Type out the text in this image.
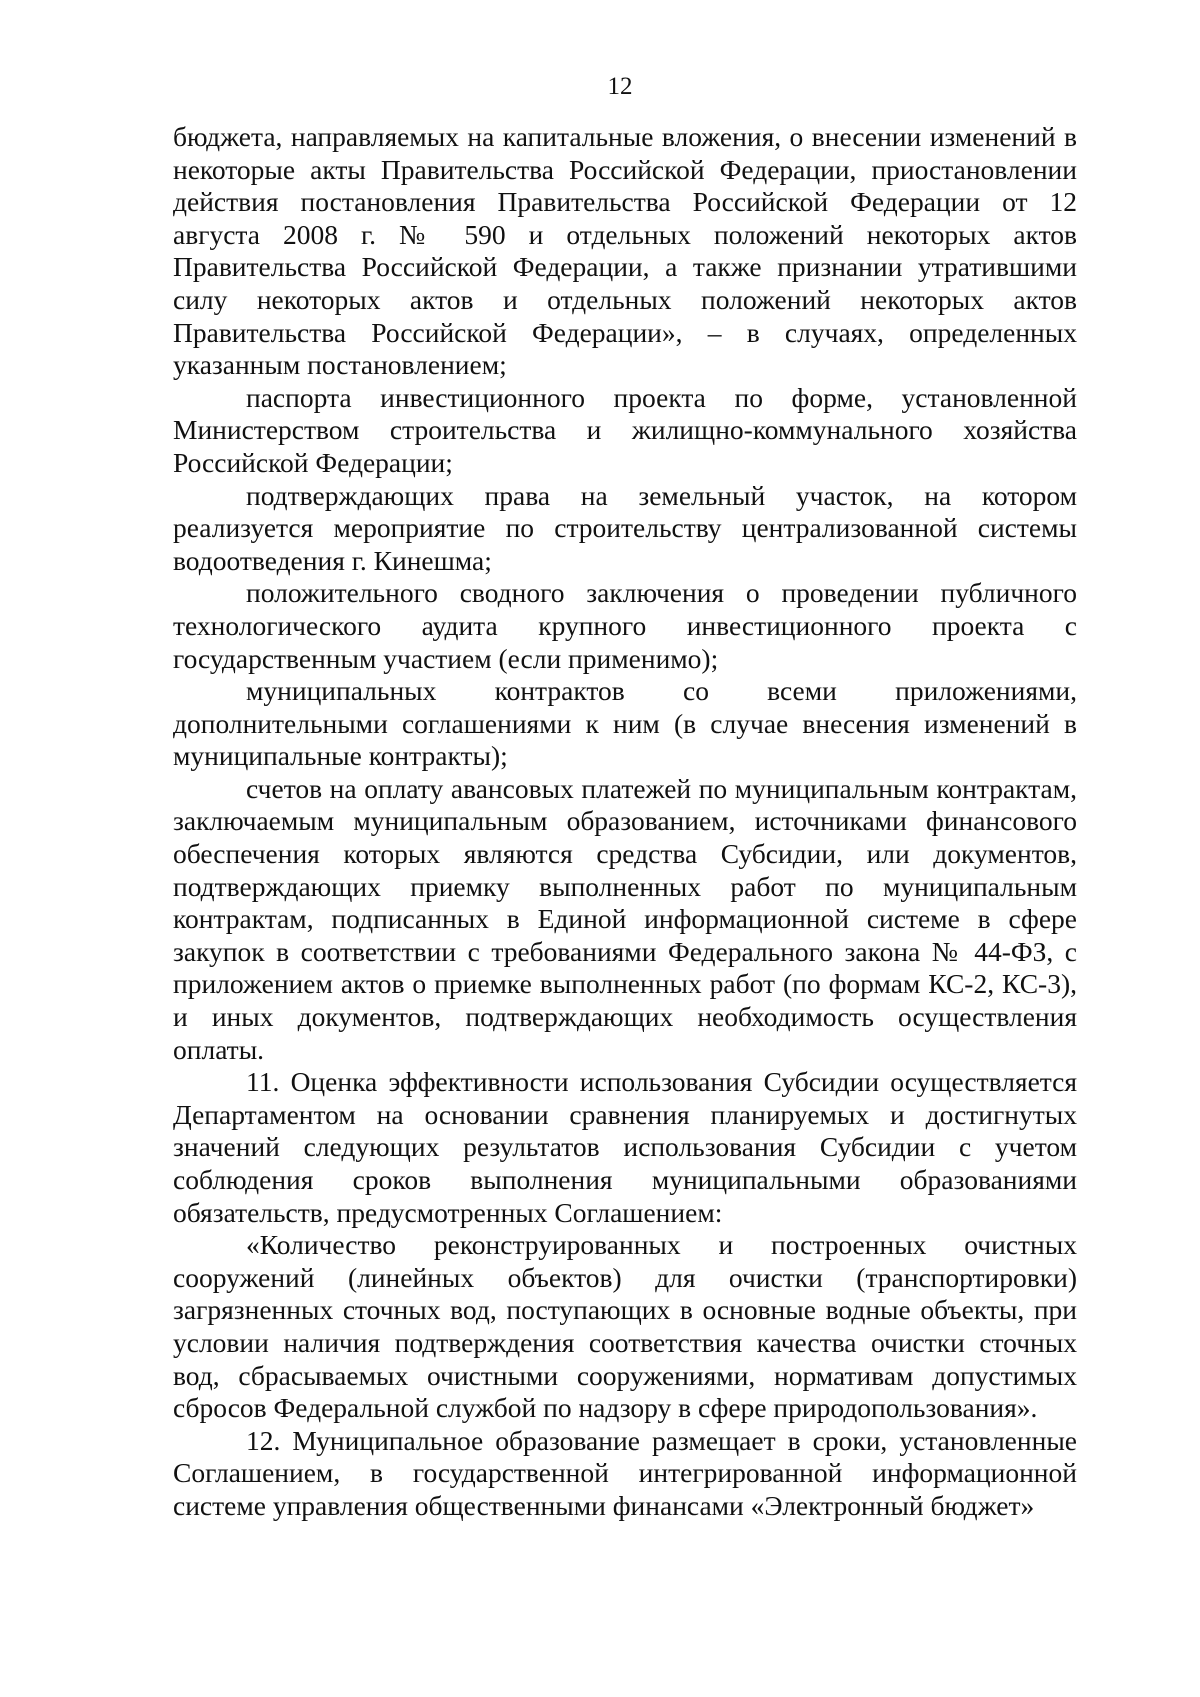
12

бюджета, направляемых на капитальные вложения, о внесении изменений в некоторые акты Правительства Российской Федерации, приостановлении действия постановления Правительства Российской Федерации от 12 августа 2008 г. № 590 и отдельных положений некоторых актов Правительства Российской Федерации, а также признании утратившими силу некоторых актов и отдельных положений некоторых актов Правительства Российской Федерации», – в случаях, определенных указанным постановлением;

паспорта инвестиционного проекта по форме, установленной Министерством строительства и жилищно-коммунального хозяйства Российской Федерации;

подтверждающих права на земельный участок, на котором реализуется мероприятие по строительству централизованной системы водоотведения г. Кинешма;

положительного сводного заключения о проведении публичного технологического аудита крупного инвестиционного проекта с государственным участием (если применимо);

муниципальных контрактов со всеми приложениями, дополнительными соглашениями к ним (в случае внесения изменений в муниципальные контракты);

счетов на оплату авансовых платежей по муниципальным контрактам, заключаемым муниципальным образованием, источниками финансового обеспечения которых являются средства Субсидии, или документов, подтверждающих приемку выполненных работ по муниципальным контрактам, подписанных в Единой информационной системе в сфере закупок в соответствии с требованиями Федерального закона № 44-ФЗ, с приложением актов о приемке выполненных работ (по формам КС-2, КС-3), и иных документов, подтверждающих необходимость осуществления оплаты.

11. Оценка эффективности использования Субсидии осуществляется Департаментом на основании сравнения планируемых и достигнутых значений следующих результатов использования Субсидии с учетом соблюдения сроков выполнения муниципальными образованиями обязательств, предусмотренных Соглашением:

«Количество реконструированных и построенных очистных сооружений (линейных объектов) для очистки (транспортировки) загрязненных сточных вод, поступающих в основные водные объекты, при условии наличия подтверждения соответствия качества очистки сточных вод, сбрасываемых очистными сооружениями, нормативам допустимых сбросов Федеральной службой по надзору в сфере природопользования».

12. Муниципальное образование размещает в сроки, установленные Соглашением, в государственной интегрированной информационной системе управления общественными финансами «Электронный бюджет»
